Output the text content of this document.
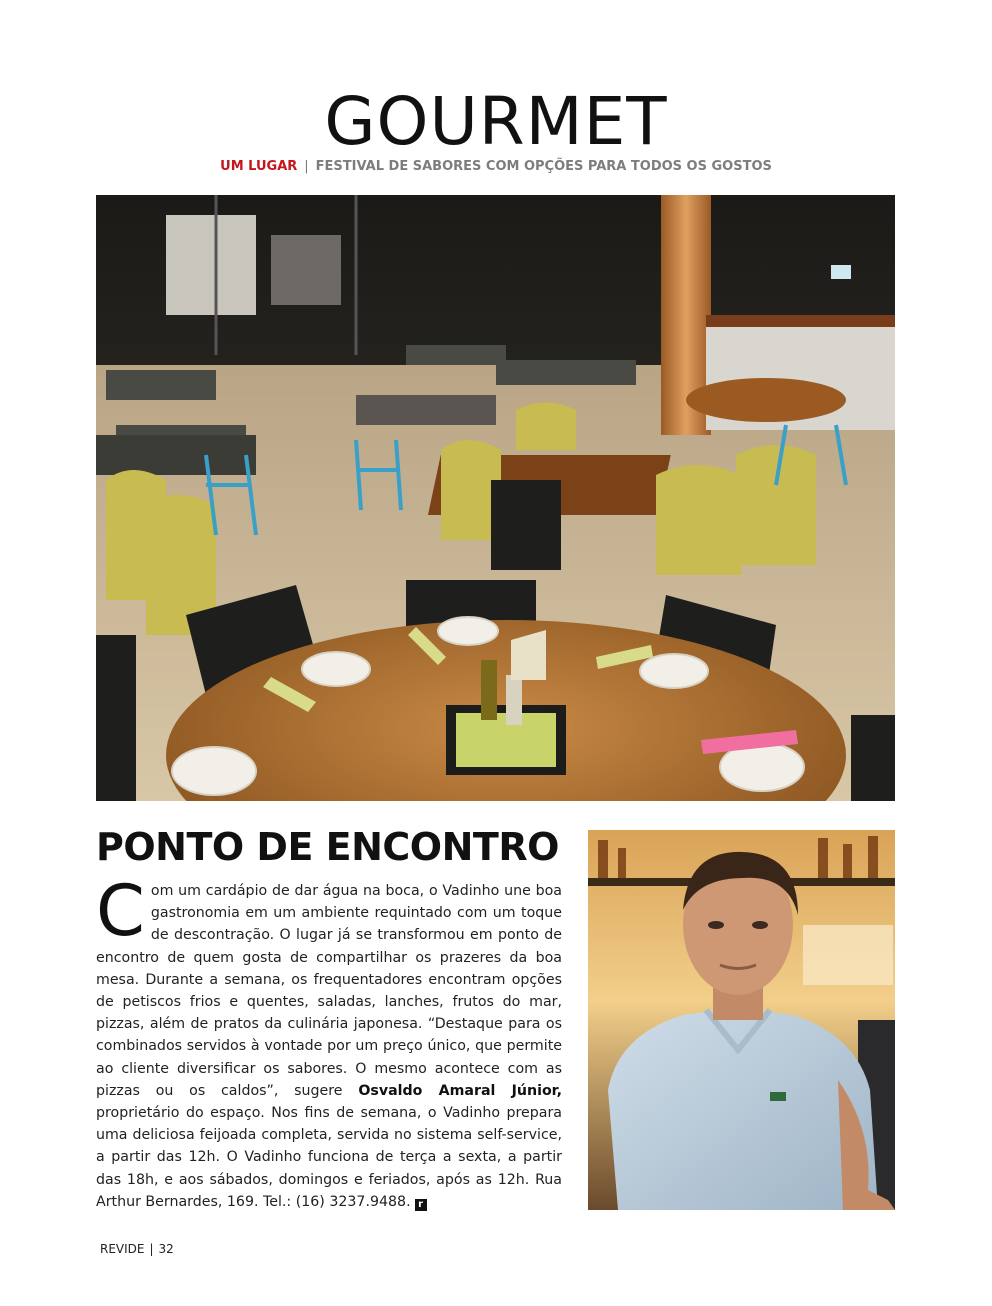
GOURMET
UM LUGAR | FESTIVAL DE SABORES COM OPÇÕES PARA TODOS OS GOSTOS
PONTO DE ENCONTRO

Com um cardápio de dar água na boca, o Vadinho une boa gastronomia em um ambiente requintado com um toque de descontração. O lugar já se transformou em ponto de encontro de quem gosta de compartilhar os prazeres da boa mesa. Durante a semana, os frequentadores encontram opções de petiscos frios e quentes, saladas, lanches, frutos do mar, pizzas, além de pratos da culinária japonesa. “Destaque para os combinados servidos à vontade por um preço único, que permite ao cliente diversificar os sabores. O mesmo acontece com as pizzas ou os caldos”, sugere Osvaldo Amaral Júnior, proprietário do espaço. Nos fins de semana, o Vadinho prepara uma deliciosa feijoada completa, servida no sistema self-service, a partir das 12h. O Vadinho funciona de terça a sexta, a partir das 18h, e aos sábados, domingos e feriados, após as 12h. Rua Arthur Bernardes, 169. Tel.: (16) 3237.9488. r

REVIDE | 32
